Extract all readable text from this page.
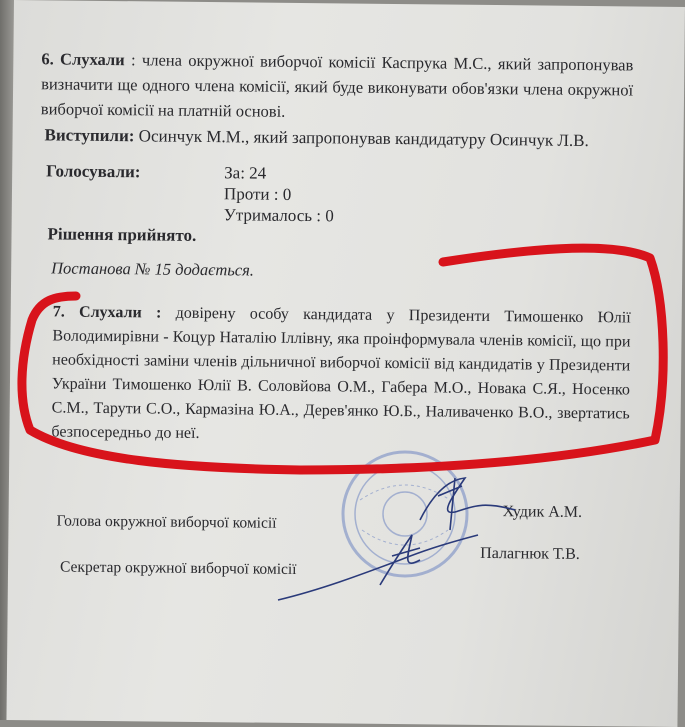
6. Слухали : члена окружної виборчої комісії Каспрука М.С., який запропонував визначити ще одного члена комісії, який буде виконувати обов'язки члена окружної виборчої комісії на платній основі.
Виступили: Осинчук М.М., який запропонував кандидатуру Осинчук Л.В.
Голосували:	За: 24
Проти : 0
Утрималось : 0
Рішення прийнято.
Постанова № 15 додається.
7. Слухали : довірену особу кандидата у Президенти Тимошенко Юлії Володимирівни - Коцур Наталію Іллівну, яка проінформувала членів комісії, що при необхідності заміни членів дільничної виборчої комісії від кандидатів у Президенти України Тимошенко Юлії В. Соловйова О.М., Габера М.О., Новака С.Я., Носенко С.М., Тарути С.О., Кармазіна Ю.А., Дерев'янко Ю.Б., Наливаченко В.О., звертатись безпосередньо до неї.
Голова окружної виборчої комісії
Худик А.М.
Секретар окружної виборчої комісії
Палагнюк Т.В.
